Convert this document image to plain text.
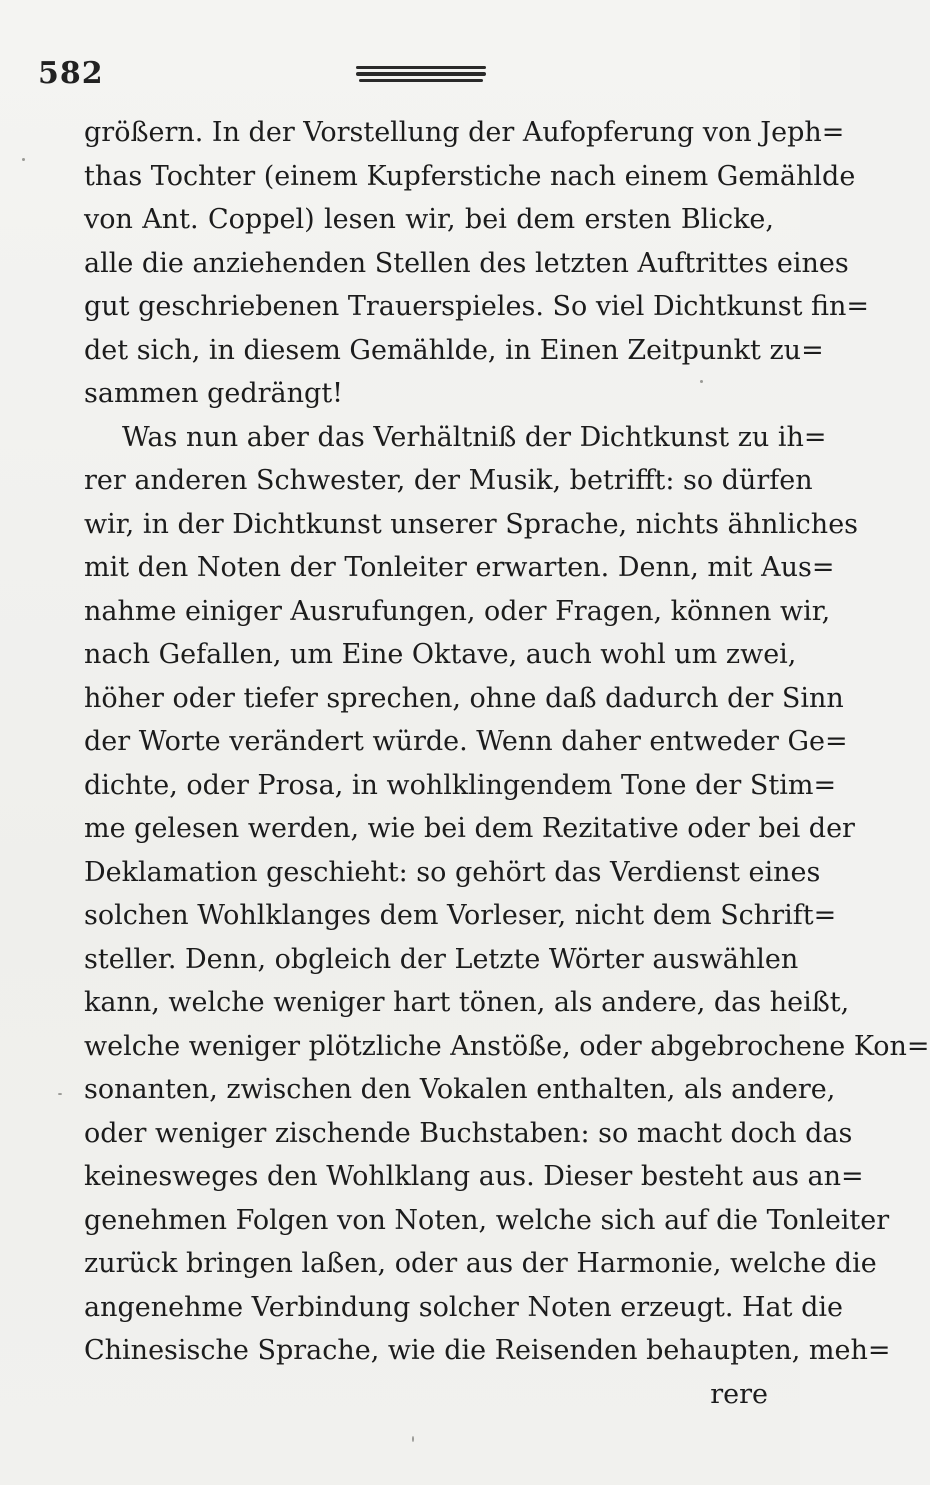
582
größern. In der Vorstellung der Aufopferung von Jeph=
thas Tochter (einem Kupferstiche nach einem Gemählde
von Ant. Coppel) lesen wir, bei dem ersten Blicke,
alle die anziehenden Stellen des letzten Auftrittes eines
gut geschriebenen Trauerspieles. So viel Dichtkunst fin=
det sich, in diesem Gemählde, in Einen Zeitpunkt zu=
sammen gedrängt!
Was nun aber das Verhältniß der Dichtkunst zu ih=
rer anderen Schwester, der Musik, betrifft: so dürfen
wir, in der Dichtkunst unserer Sprache, nichts ähnliches
mit den Noten der Tonleiter erwarten. Denn, mit Aus=
nahme einiger Ausrufungen, oder Fragen, können wir,
nach Gefallen, um Eine Oktave, auch wohl um zwei,
höher oder tiefer sprechen, ohne daß dadurch der Sinn
der Worte verändert würde. Wenn daher entweder Ge=
dichte, oder Prosa, in wohlklingendem Tone der Stim=
me gelesen werden, wie bei dem Rezitative oder bei der
Deklamation geschieht: so gehört das Verdienst eines
solchen Wohlklanges dem Vorleser, nicht dem Schrift=
steller. Denn, obgleich der Letzte Wörter auswählen
kann, welche weniger hart tönen, als andere, das heißt,
welche weniger plötzliche Anstöße, oder abgebrochene Kon=
sonanten, zwischen den Vokalen enthalten, als andere,
oder weniger zischende Buchstaben: so macht doch das
keinesweges den Wohlklang aus. Dieser besteht aus an=
genehmen Folgen von Noten, welche sich auf die Tonleiter
zurück bringen laßen, oder aus der Harmonie, welche die
angenehme Verbindung solcher Noten erzeugt. Hat die
Chinesische Sprache, wie die Reisenden behaupten, meh=
rere
